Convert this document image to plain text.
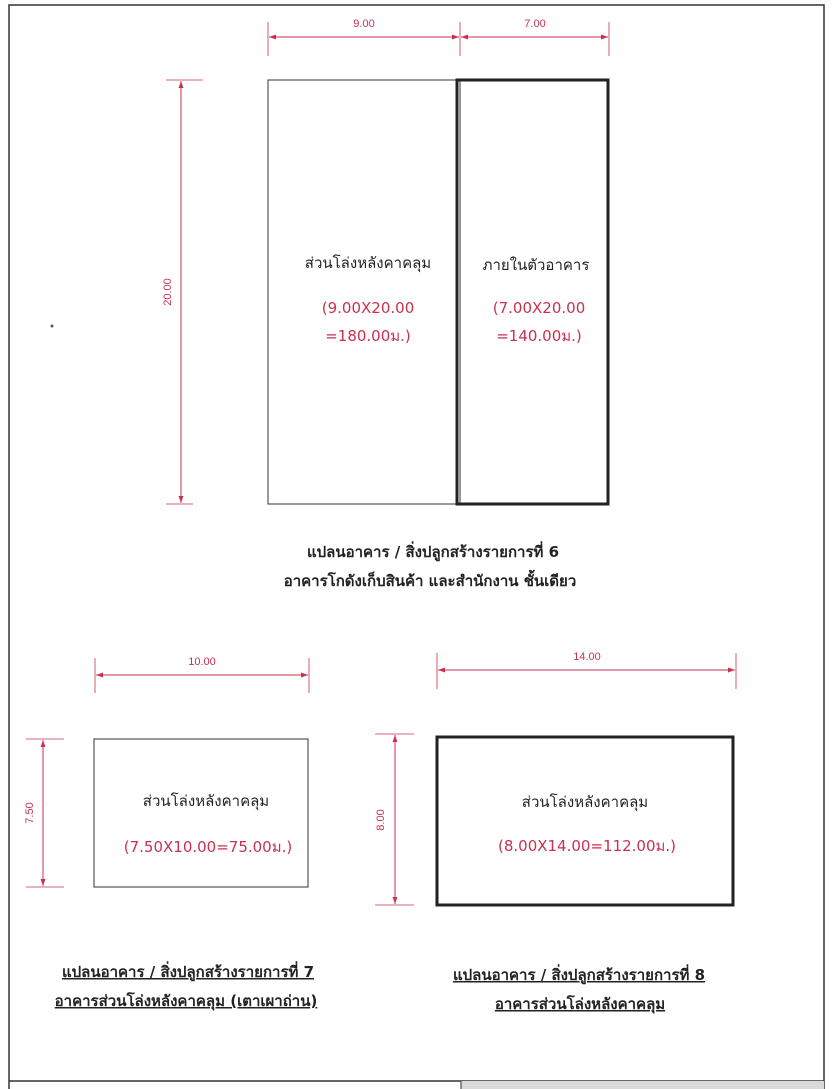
9.00	7.00
20.00
ส่วนโล่งหลังคาคลุม
(9.00X20.00
=180.00ม.)
ภายในตัวอาคาร
(7.00X20.00
=140.00ม.)
แปลนอาคาร / สิ่งปลูกสร้างรายการที่ 6
อาคารโกดังเก็บสินค้า และสำนักงาน ชั้นเดียว
10.00
7.50
ส่วนโล่งหลังคาคลุม
(7.50X10.00=75.00ม.)
แปลนอาคาร / สิ่งปลูกสร้างรายการที่ 7
อาคารส่วนโล่งหลังคาคลุม (เตาเผาถ่าน)
14.00
8.00
ส่วนโล่งหลังคาคลุม
(8.00X14.00=112.00ม.)
แปลนอาคาร / สิ่งปลูกสร้างรายการที่ 8
อาคารส่วนโล่งหลังคาคลุม
